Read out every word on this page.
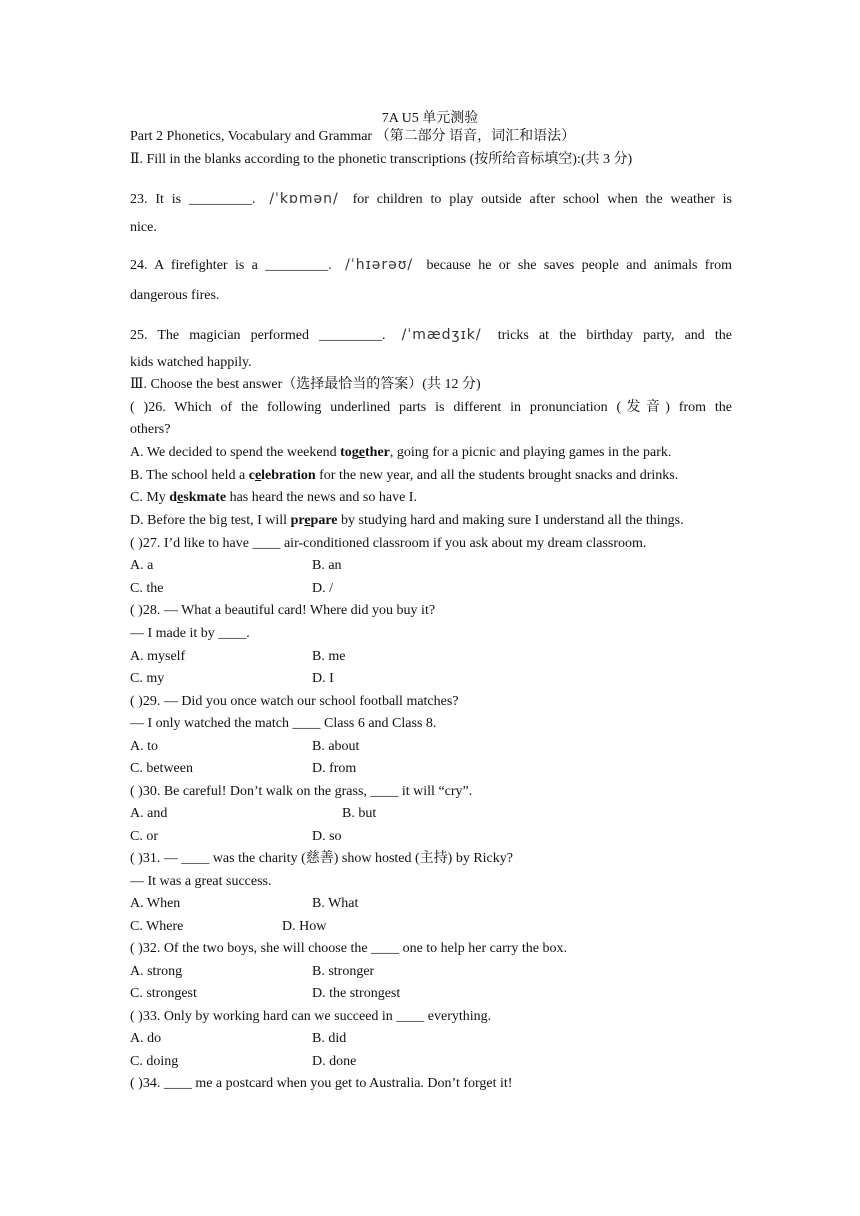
7A U5 单元测验
Part 2 Phonetics, Vocabulary and Grammar （第二部分 语音，词汇和语法）
Ⅱ. Fill in the blanks according to the phonetic transcriptions (按所给音标填空):(共 3 分)
23. It is _________. /ˈkɒmən/ for children to play outside after school when the weather is
nice.
24. A firefighter is a _________. /ˈhɪərəʊ/ because he or she saves people and animals from
dangerous fires.
25. The magician performed _________. /ˈmædʒɪk/ tricks at the birthday party, and the
kids watched happily.
Ⅲ. Choose the best answer（选择最恰当的答案）(共 12 分)
( )26. Which of the following underlined parts is different in pronunciation (发音) from the
others?
A. We decided to spend the weekend together, going for a picnic and playing games in the park.
B. The school held a celebration for the new year, and all the students brought snacks and drinks.
C. My deskmate has heard the news and so have I.
D. Before the big test, I will prepare by studying hard and making sure I understand all the things.
( )27. I’d like to have ____ air-conditioned classroom if you ask about my dream classroom.
A. a	B. an
C. the	D. /
( )28. — What a beautiful card! Where did you buy it?
— I made it by ____.
A. myself	B. me
C. my	D. I
( )29. — Did you once watch our school football matches?
— I only watched the match ____ Class 6 and Class 8.
A. to	B. about
C. between	D. from
( )30. Be careful! Don’t walk on the grass, ____ it will “cry”.
A. and	B. but
C. or	D. so
( )31. — ____ was the charity (慈善) show hosted (主持) by Ricky?
— It was a great success.
A. When	B. What
C. Where	D. How
( )32. Of the two boys, she will choose the ____ one to help her carry the box.
A. strong	B. stronger
C. strongest	D. the strongest
( )33. Only by working hard can we succeed in ____ everything.
A. do	B. did
C. doing	D. done
( )34. ____ me a postcard when you get to Australia. Don’t forget it!
